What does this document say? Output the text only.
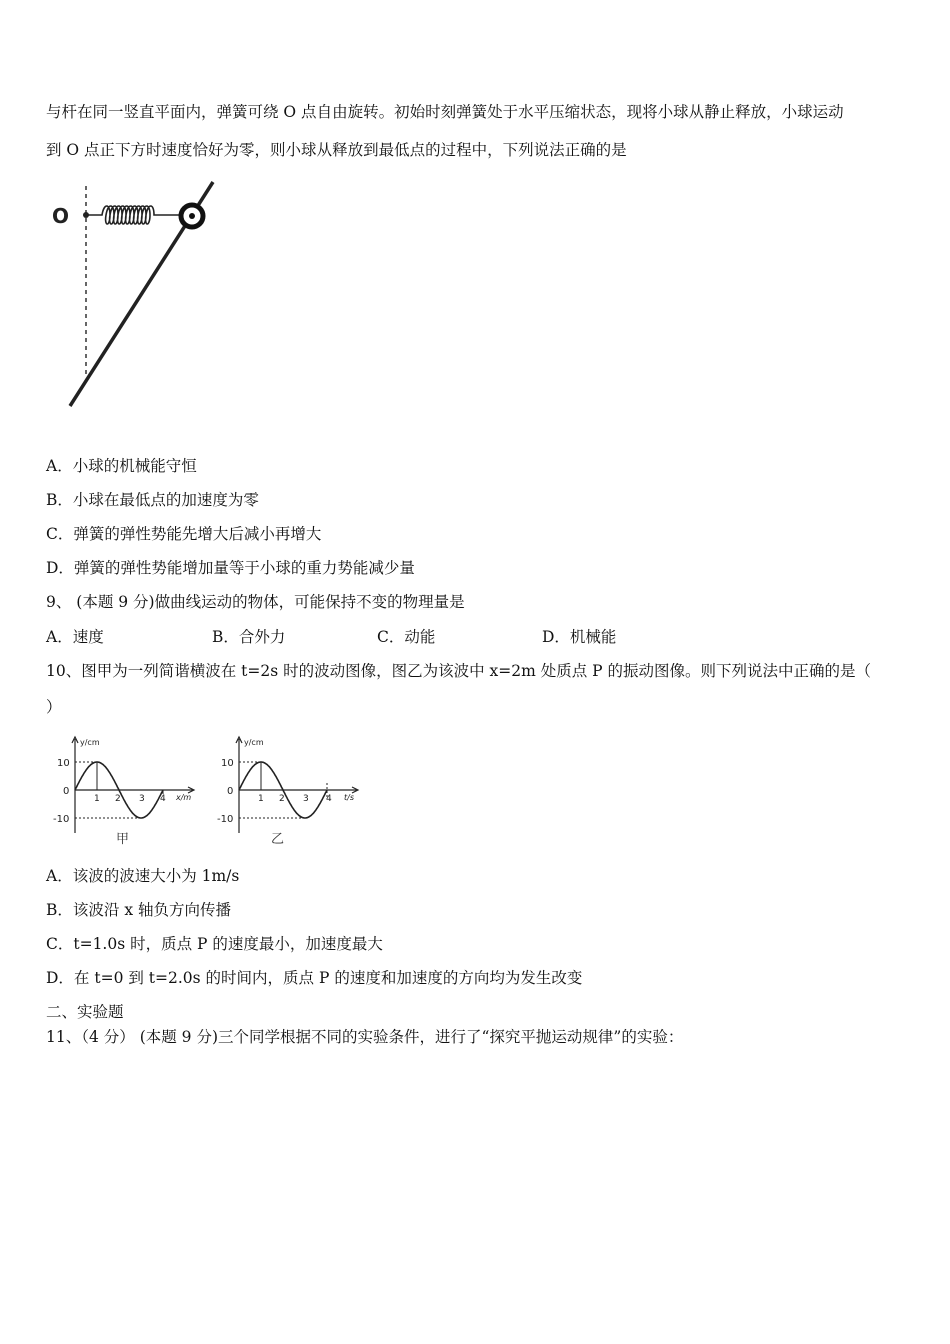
与杆在同一竖直平面内，弹簧可绕 O 点自由旋转。初始时刻弹簧处于水平压缩状态，现将小球从静止释放，小球运动
到 O 点正下方时速度恰好为零，则小球从释放到最低点的过程中，下列说法正确的是
O
A．小球的机械能守恒
B．小球在最低点的加速度为零
C．弹簧的弹性势能先增大后减小再增大
D．弹簧的弹性势能增加量等于小球的重力势能减少量
9、 (本题 9 分)做曲线运动的物体，可能保持不变的物理量是
A．速度	B．合外力	C．动能	D．机械能
10、图甲为一列简谐横波在 t=2s 时的波动图像，图乙为该波中 x=2m 处质点 P 的振动图像。则下列说法中正确的是（
）
y/cm
x/m
10
0
-10
1 2 3 4
甲
y/cm
t/s
10
0
-10
1 2 3 4
乙
A．该波的波速大小为 1m/s
B．该波沿 x 轴负方向传播
C．t=1.0s 时，质点 P 的速度最小，加速度最大
D．在 t=0 到 t=2.0s 的时间内，质点 P 的速度和加速度的方向均为发生改变
二、实验题
11、（4 分） (本题 9 分)三个同学根据不同的实验条件，进行了“探究平抛运动规律”的实验：
